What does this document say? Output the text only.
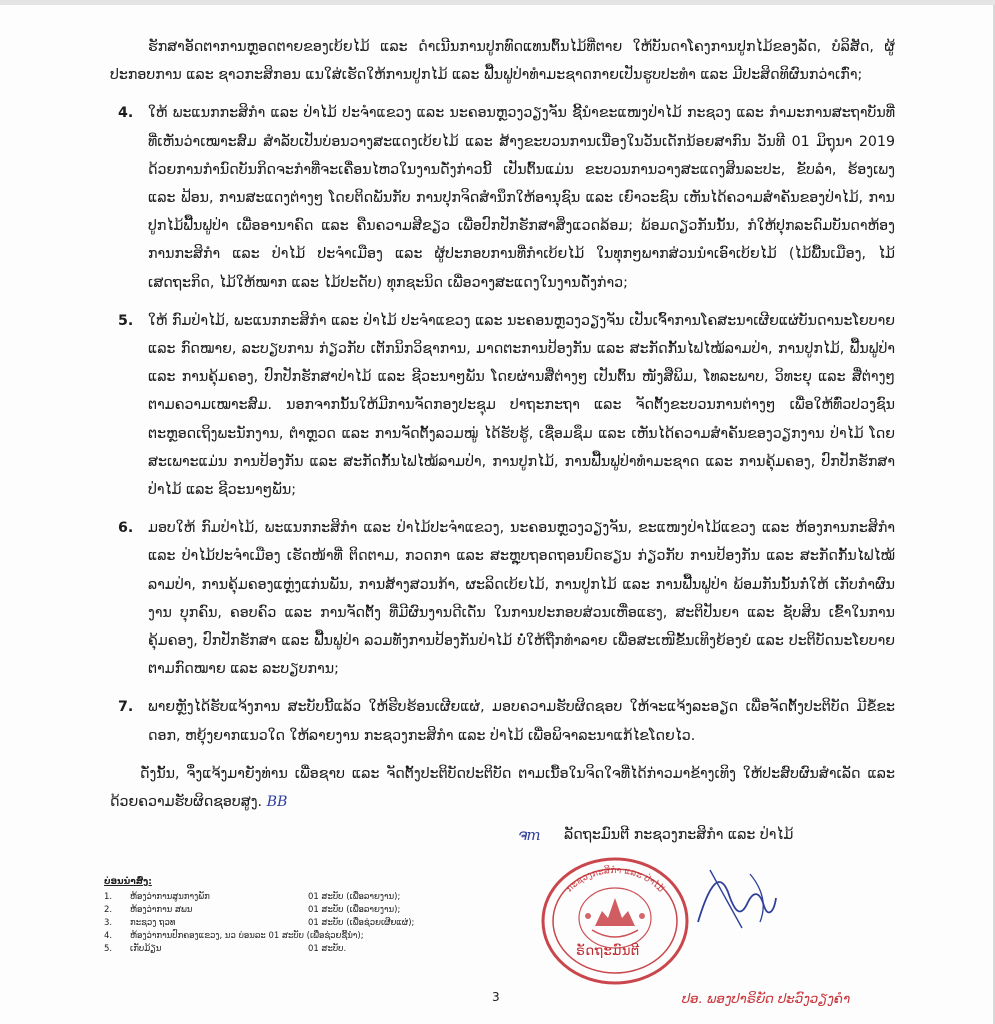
ຮັກສາອັດຕາການຫຼອດຕາຍຂອງເບ້ຍໄມ້ ແລະ ດໍາເນີນການປູກທົດແທນຕົ້ນໄມ້ທີ່ຕາຍ ໃຫ້ບັນດາໂຄງການປູກໄມ້ຂອງລັດ, ບໍລິສັດ, ຜູ້ປະກອບການ ແລະ ຊາວກະສິກອນ ແນໃສ່ເຮັດໃຫ້ການປູກໄມ້ ແລະ ຟື້ນຟູປ່າທໍາມະຊາດກາຍເປັນຮູບປະທໍາ ແລະ ມີປະສິດທິຜົນກວ່າເກົ່າ;

4. ໃຫ້ ພະແນກກະສິກໍາ ແລະ ປ່າໄມ້ ປະຈໍາແຂວງ ແລະ ນະຄອນຫຼວງວຽງຈັນ ຊີ້ນໍາຂະແໜງປ່າໄມ້ ກະຊວງ ແລະ ກໍາມະການສະຖາບັນທີ່ ທີ່ເຫັນວ່າເໝາະສົມ ສໍາລັບເປັນບ່ອນວາງສະແດງເບ້ຍໄມ້ ແລະ ສ້າງຂະບວນການເນື່ອງໃນວັນເດັກນ້ອຍສາກົນ ວັນທີ 01 ມິຖຸນາ 2019 ດ້ວຍການກໍານົດບັນກິດຈະກໍາທີ່ຈະເຄື່ອນໄຫວໃນງານດັ່ງກ່າວນີ້ ເປັນຕົ້ນແມ່ນ ຂະບວນການວາງສະແດງສິນລະປະ, ຂັບລໍາ, ຮ້ອງເພງ ແລະ ຟ້ອນ, ການສະແດງຕ່າງໆ ໂດຍຕິດພັນກັບ ການປຸກຈິດສໍານຶກໃຫ້ອານຸຊົນ ແລະ ເຍົາວະຊົນ ເຫັນໄດ້ຄວາມສໍາຄັນຂອງປ່າໄມ້, ການປູກໄມ້ຟື້ນຟູປ່າ ເພື່ອອານາຄົດ ແລະ ຄືນຄວາມສີຂຽວ ເພື່ອປົກປັກຮັກສາສິ່ງແວດລ້ອມ; ພ້ອມດຽວກັນນັ້ນ, ກໍໃຫ້ປຸກລະດົມບັນດາຫ້ອງການກະສິກໍາ ແລະ ປ່າໄມ້ ປະຈໍາເມືອງ ແລະ ຜູ້ປະກອບການທີ່ກໍາເບ້ຍໄມ້ ໃນທຸກໆພາກສ່ວນນໍາເອົາເບ້ຍໄມ້ (ໄມ້ພື້ນເມືອງ, ໄມ້ເສດຖະກິດ, ໄມ້ໃຫ້ໝາກ ແລະ ໄມ້ປະດັບ) ທຸກຊະນິດ ເພື່ອວາງສະແດງໃນງານດັ່ງກ່າວ;

5. ໃຫ້ ກົມປ່າໄມ້, ພະແນກກະສິກໍາ ແລະ ປ່າໄມ້ ປະຈໍາແຂວງ ແລະ ນະຄອນຫຼວງວຽງຈັນ ເປັນເຈົ້າການໂຄສະນາເຜີຍແຜ່ບັນດານະໂຍບາຍ ແລະ ກົດໝາຍ, ລະບຽບການ ກ່ຽວກັບ ເຕັກນິກວິຊາການ, ມາດຕະການປ້ອງກັນ ແລະ ສະກັດກັ້ນໄຟໄໝ້ລາມປ່າ, ການປູກໄມ້, ຟື້ນຟູປ່າ ແລະ ການຄຸ້ມຄອງ, ປົກປັກຮັກສາປ່າໄມ້ ແລະ ຊີວະນາໆພັນ ໂດຍຜ່ານສື່ຕ່າງໆ ເປັນຕົ້ນ ໜັງສືພິມ, ໂທລະພາບ, ວິທະຍຸ ແລະ ສື່ຕ່າງໆ ຕາມຄວາມເໝາະສົມ. ນອກຈາກນັ້ນໃຫ້ມີການຈັດກອງປະຊຸມ ປາຖະກະຖາ ແລະ ຈັດຕັ້ງຂະບວນການຕ່າງໆ ເພື່ອໃຫ້ທົ່ວປວງຊົນ ຕະຫຼອດເຖິງພະນັກງານ, ຕໍາຫຼວດ ແລະ ການຈັດຕັ້ງລວມໝູ່ ໄດ້ຮັບຮູ້, ເຊື່ອມຊຶມ ແລະ ເຫັນໄດ້ຄວາມສໍາຄັນຂອງວຽກງານ ປ່າໄມ້ ໂດຍສະເພາະແມ່ນ ການປ້ອງກັນ ແລະ ສະກັດກັ້ນໄຟໄໝ້ລາມປ່າ, ການປູກໄມ້, ການຟື້ນຟູປ່າທໍາມະຊາດ ແລະ ການຄຸ້ມຄອງ, ປົກປັກຮັກສາປ່າໄມ້ ແລະ ຊີວະນາໆພັນ;

6. ມອບໃຫ້ ກົມປ່າໄມ້, ພະແນກກະສິກໍາ ແລະ ປ່າໄມ້ປະຈໍາແຂວງ, ນະຄອນຫຼວງວຽງຈັນ, ຂະແໜງປ່າໄມ້ແຂວງ ແລະ ຫ້ອງການກະສິກໍາ ແລະ ປ່າໄມ້ປະຈໍາເມືອງ ເຮັດໜ້າທີ່ ຕິດຕາມ, ກວດກາ ແລະ ສະຫຼຸບຖອດຖອນບົດຮຽນ ກ່ຽວກັບ ການປ້ອງກັນ ແລະ ສະກັດກັ້ນໄຟໄໝ້ລາມປ່າ, ການຄຸ້ມຄອງແຫຼ່ງແກ່ນພັນ, ການສ້າງສວນກ້າ, ຜະລິດເບ້ຍໄມ້, ການປູກໄມ້ ແລະ ການຟື້ນຟູປ່າ ພ້ອມກັນນັ້ນກໍ່ໃຫ້ ເກັບກໍາຜົນງານ ບຸກຄົນ, ຄອບຄົວ ແລະ ການຈັດຕັ້ງ ທີ່ມີຜົນງານດີເດັ່ນ ໃນການປະກອບສ່ວນເຫື່ອແຮງ, ສະຕິປັນຍາ ແລະ ຊັບສິນ ເຂົ້າໃນການຄຸ້ມຄອງ, ປົກປັກຮັກສາ ແລະ ຟື້ນຟູປ່າ ລວມທັງການປ້ອງກັນປ່າໄມ້ ບໍ່ໃຫ້ຖືກທໍາລາຍ ເພື່ອສະເໜີຂັ້ນເທິງຍ້ອງຍໍ ແລະ ປະຕິບັດນະໂຍບາຍ ຕາມກົດໝາຍ ແລະ ລະບຽບການ;

7. ພາຍຫຼັງໄດ້ຮັບແຈ້ງການ ສະບັບນີ້ແລ້ວ ໃຫ້ຮີບຮ້ອນເຜີຍແຜ່, ມອບຄວາມຮັບຜິດຊອບ ໃຫ້ຈະແຈ້ງລະອຽດ ເພື່ອຈັດຕັ້ງປະຕິບັດ ມີຂໍ້ຂະດອກ, ຫຍຸ້ງຍາກແນວໃດ ໃຫ້ລາຍງານ ກະຊວງກະສິກໍາ ແລະ ປ່າໄມ້ ເພື່ອພິຈາລະນາແກ້ໄຂໂດຍໄວ.

ດັ່ງນັ້ນ, ຈຶ່ງແຈ້ງມາຍັງທ່ານ ເພື່ອຊາບ ແລະ ຈັດຕັ້ງປະຕິບັດປະຕິບັດ ຕາມເນື້ອໃນຈິດໃຈທີ່ໄດ້ກ່າວມາຂ້າງເທິງ ໃຫ້ປະສົບຜົນສໍາເລັດ ແລະ ດ້ວຍຄວາມຮັບຜິດຊອບສູງ. BB

ຈm ລັດຖະມົນຕີ ກະຊວງກະສິກໍາ ແລະ ປ່າໄມ້
ບ່ອນນໍາສົ່ງ:
1.	ຫ້ອງວ່າການສູນກາງພັກ	01 ສະບັບ (ເພື່ອລາຍງານ);
2.	ຫ້ອງວ່າການ ສພນ	01 ສະບັບ (ເພື່ອລາຍງານ);
3.	ກະຊວງ ຖວທ	01 ສະບັບ (ເພື່ອຊ່ວຍເຜີຍແຜ່);
4.	ຫ້ອງວ່າການປົກຄອງແຂວງ, ນວ ບ່ອນລະ 01 ສະບັບ (ເພື່ອຊ່ວຍຊີ້ນໍາ);
5.	ເກັບມ້ຽນ	01 ສະບັບ.
ກະຊວງກະສິກໍາ ແລະ ປ່າໄມ້
ຣັດຖະມົນຕີ
3	ປອ. ພອງປາຣິຍັດ ປະວົງວຽງຄໍາ
